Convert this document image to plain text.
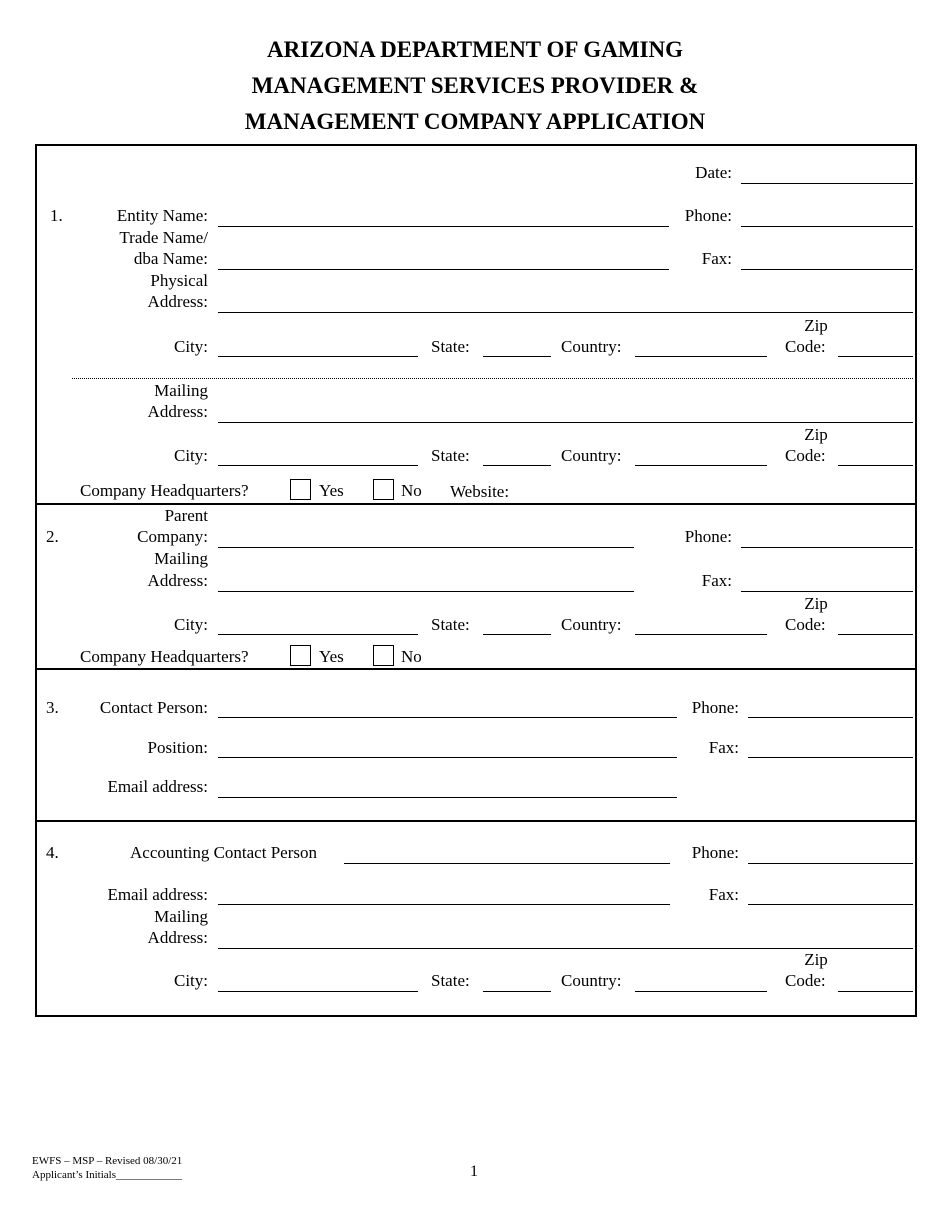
ARIZONA DEPARTMENT OF GAMING
MANAGEMENT SERVICES PROVIDER &
MANAGEMENT COMPANY APPLICATION
Date:
1.	Entity Name:	Phone:
Trade Name/
dba Name:	Fax:
Physical
Address:
City:	State:	Country:
Zip
Code:
Mailing
Address:
City:	State:	Country:
Zip
Code:
Company Headquarters?	Yes	No Website:
2.
Parent
Company:	Phone:
Mailing
Address:	Fax:
City:	State:	Country:
Zip
Code:
Company Headquarters?	Yes	No
3.	Contact Person:	Phone:
Position:	Fax:
Email address:
4.	Accounting Contact Person	Phone:
Email address:	Fax:
Mailing
Address:
City:	State:	Country:
Zip
Code:
EWFS – MSP – Revised 08/30/21
Applicant’s Initials____________	1
